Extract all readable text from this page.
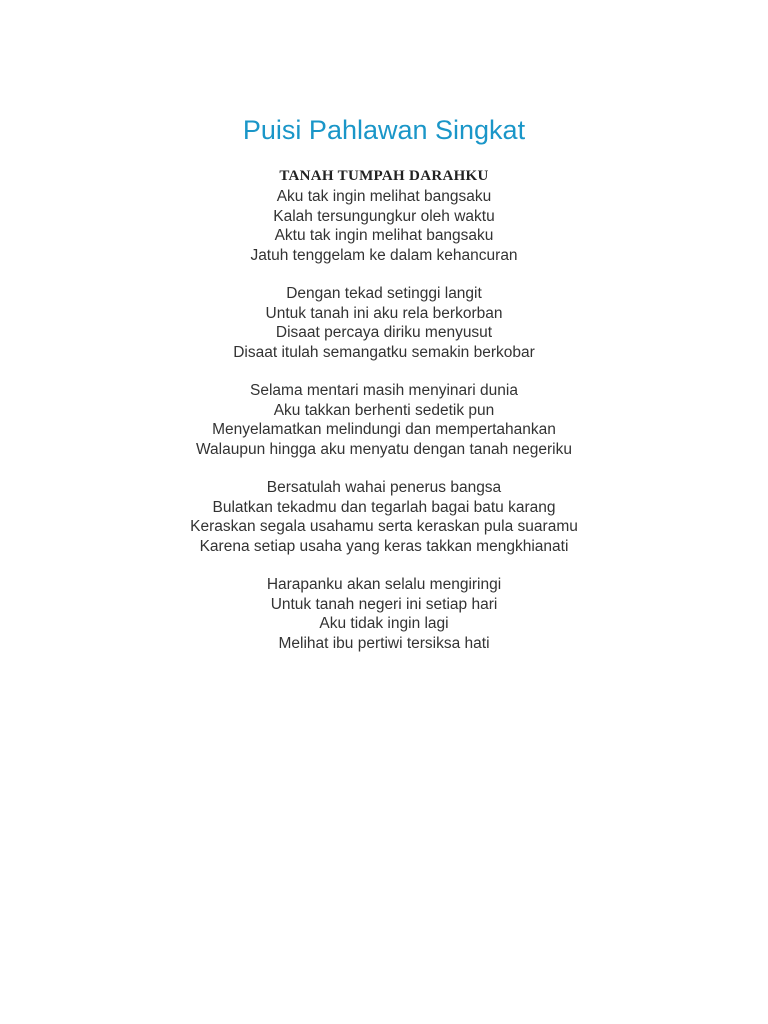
Puisi Pahlawan Singkat
TANAH TUMPAH DARAHKU
Aku tak ingin melihat bangsaku
Kalah tersungungkur oleh waktu
Aktu tak ingin melihat bangsaku
Jatuh tenggelam ke dalam kehancuran
Dengan tekad setinggi langit
Untuk tanah ini aku rela berkorban
Disaat percaya diriku menyusut
Disaat itulah semangatku semakin berkobar
Selama mentari masih menyinari dunia
Aku takkan berhenti sedetik pun
Menyelamatkan melindungi dan mempertahankan
Walaupun hingga aku menyatu dengan tanah negeriku
Bersatulah wahai penerus bangsa
Bulatkan tekadmu dan tegarlah bagai batu karang
Keraskan segala usahamu serta keraskan pula suaramu
Karena setiap usaha yang keras takkan mengkhianati
Harapanku akan selalu mengiringi
Untuk tanah negeri ini setiap hari
Aku tidak ingin lagi
Melihat ibu pertiwi tersiksa hati
